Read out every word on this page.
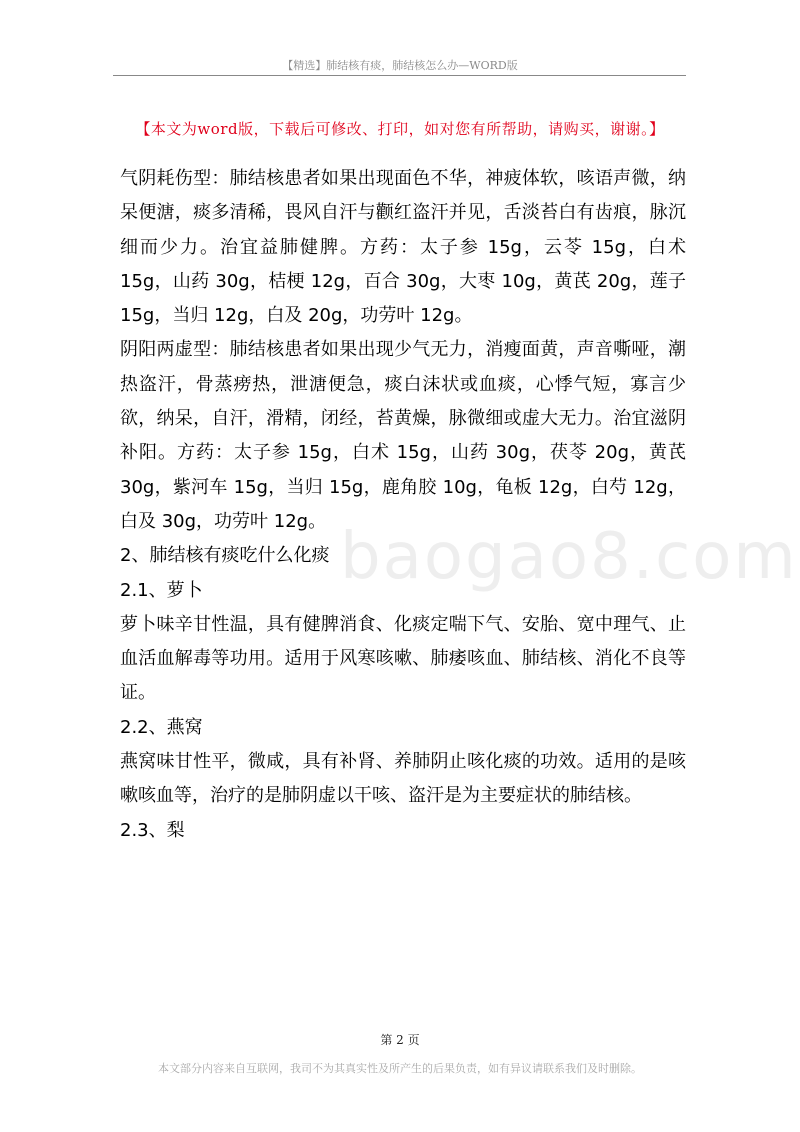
【精选】肺结核有痰，肺结核怎么办—WORD版
【本文为word版，下载后可修改、打印，如对您有所帮助，请购买，谢谢。】
baogao8.com

气阴耗伤型：肺结核患者如果出现面色不华，神疲体软，咳语声微，纳呆便溏，痰多清稀，畏风自汗与颧红盗汗并见，舌淡苔白有齿痕，脉沉细而少力。治宜益肺健脾。方药：太子参 15g，云苓 15g，白术 15g，山药 30g，桔梗 12g，百合 30g，大枣 10g，黄芪 20g，莲子 15g，当归 12g，白及 20g，功劳叶 12g。

阴阳两虚型：肺结核患者如果出现少气无力，消瘦面黄，声音嘶哑，潮热盗汗，骨蒸痨热，泄溏便急，痰白沫状或血痰，心悸气短，寡言少欲，纳呆，自汗，滑精，闭经，苔黄燥，脉微细或虚大无力。治宜滋阴补阳。方药：太子参 15g，白术 15g，山药 30g，茯苓 20g，黄芪 30g，紫河车 15g，当归 15g，鹿角胶 10g，龟板 12g，白芍 12g，白及 30g，功劳叶 12g。

2、肺结核有痰吃什么化痰

2.1、萝卜

萝卜味辛甘性温，具有健脾消食、化痰定喘下气、安胎、宽中理气、止血活血解毒等功用。适用于风寒咳嗽、肺痿咳血、肺结核、消化不良等证。

2.2、燕窝

燕窝味甘性平，微咸，具有补肾、养肺阴止咳化痰的功效。适用的是咳嗽咳血等，治疗的是肺阴虚以干咳、盗汗是为主要症状的肺结核。

2.3、梨

第 2 页
本文部分内容来自互联网，我司不为其真实性及所产生的后果负责，如有异议请联系我们及时删除。
